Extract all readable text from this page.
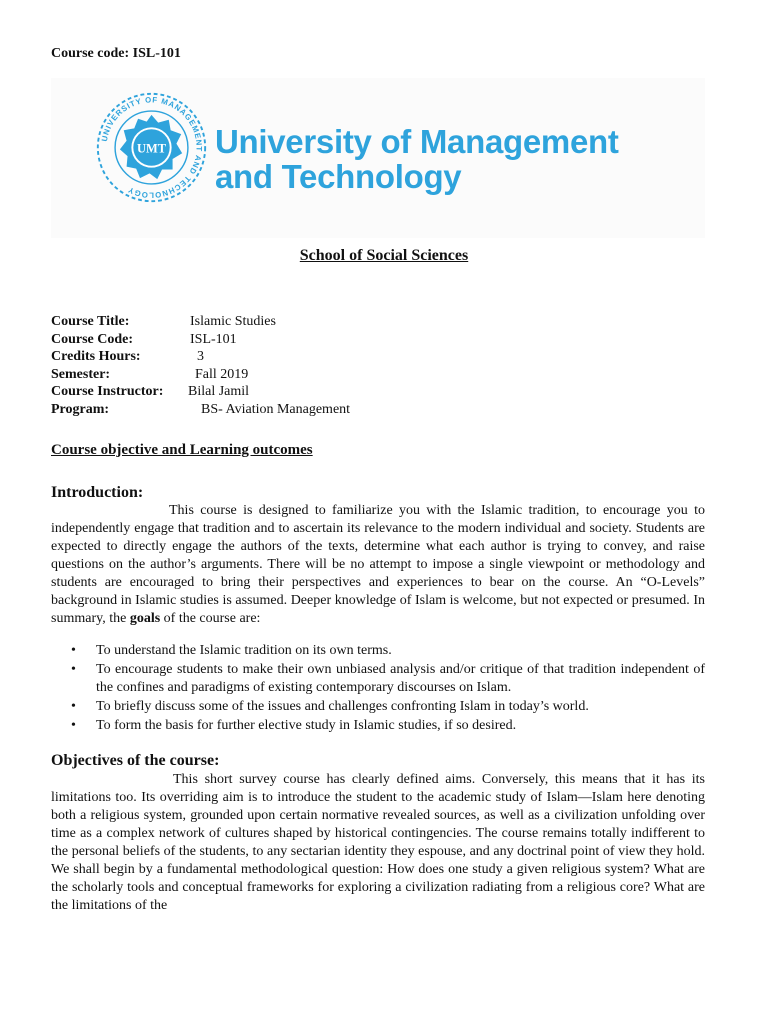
Course code: ISL-101
UNIVERSITY OF MANAGEMENT AND TECHNOLOGY
UMT University of Management
and Technology
School of Social Sciences
Course Title:	Islamic Studies
Course Code:	ISL-101
Credits Hours:	3
Semester:	Fall 2019
Course Instructor: Bilal Jamil
Program:	BS- Aviation Management
Course objective and Learning outcomes
Introduction:
This course is designed to familiarize you with the Islamic tradition, to encourage you to independently engage that tradition and to ascertain its relevance to the modern individual and society. Students are expected to directly engage the authors of the texts, determine what each author is trying to convey, and raise questions on the author’s arguments. There will be no attempt to impose a single viewpoint or methodology and students are encouraged to bring their perspectives and experiences to bear on the course. An “O-Levels” background in Islamic studies is assumed. Deeper knowledge of Islam is welcome, but not expected or presumed. In summary, the goals of the course are:
• To understand the Islamic tradition on its own terms.
• To encourage students to make their own unbiased analysis and/or critique of that tradition independent of the confines and paradigms of existing contemporary discourses on Islam.
• To briefly discuss some of the issues and challenges confronting Islam in today’s world.
• To form the basis for further elective study in Islamic studies, if so desired.
Objectives of the course:
This short survey course has clearly defined aims. Conversely, this means that it has its limitations too. Its overriding aim is to introduce the student to the academic study of Islam—Islam here denoting both a religious system, grounded upon certain normative revealed sources, as well as a civilization unfolding over time as a complex network of cultures shaped by historical contingencies. The course remains totally indifferent to the personal beliefs of the students, to any sectarian identity they espouse, and any doctrinal point of view they hold. We shall begin by a fundamental methodological question: How does one study a given religious system? What are the scholarly tools and conceptual frameworks for exploring a civilization radiating from a religious core? What are the limitations of the
